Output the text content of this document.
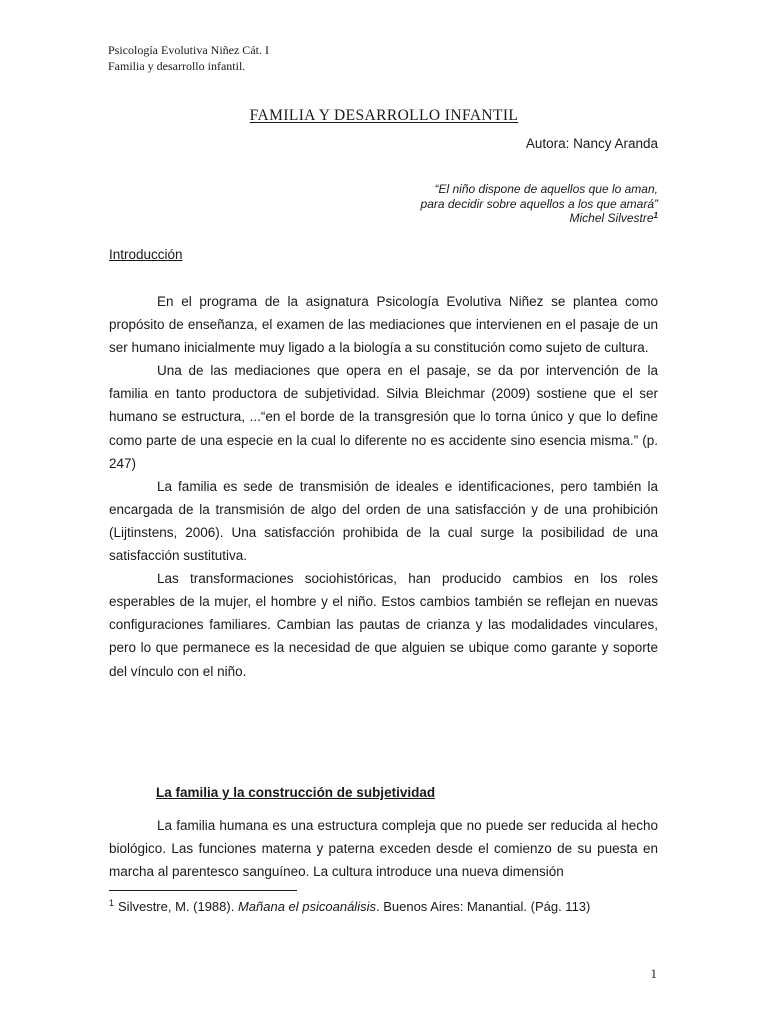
Psicología Evolutiva Niñez Cát. I
Familia y desarrollo infantil.
FAMILIA Y DESARROLLO INFANTIL
Autora: Nancy Aranda
“El niño dispone de aquellos que lo aman,
para decidir sobre aquellos a los que amará”
Michel Silvestre$^1$
Introducción

En el programa de la asignatura Psicología Evolutiva Niñez se plantea como propósito de enseñanza, el examen de las mediaciones que intervienen en el pasaje de un ser humano inicialmente muy ligado a la biología a su constitución como sujeto de cultura.

Una de las mediaciones que opera en el pasaje, se da por intervención de la familia en tanto productora de subjetividad. Silvia Bleichmar (2009) sostiene que el ser humano se estructura, ...“en el borde de la transgresión que lo torna único y que lo define como parte de una especie en la cual lo diferente no es accidente sino esencia misma.” (p. 247)

La familia es sede de transmisión de ideales e identificaciones, pero también la encargada de la transmisión de algo del orden de una satisfacción y de una prohibición (Lijtinstens, 2006). Una satisfacción prohibida de la cual surge la posibilidad de una satisfacción sustitutiva.

Las transformaciones sociohistóricas, han producido cambios en los roles esperables de la mujer, el hombre y el niño. Estos cambios también se reflejan en nuevas configuraciones familiares. Cambian las pautas de crianza y las modalidades vinculares, pero lo que permanece es la necesidad de que alguien se ubique como garante y soporte del vínculo con el niño.

La familia y la construcción de subjetividad

La familia humana es una estructura compleja que no puede ser reducida al hecho biológico. Las funciones materna y paterna exceden desde el comienzo de su puesta en marcha al parentesco sanguíneo. La cultura introduce una nueva dimensión

$^1$ Silvestre, M. (1988). Mañana el psicoanálisis. Buenos Aires: Manantial. (Pág. 113)
1
